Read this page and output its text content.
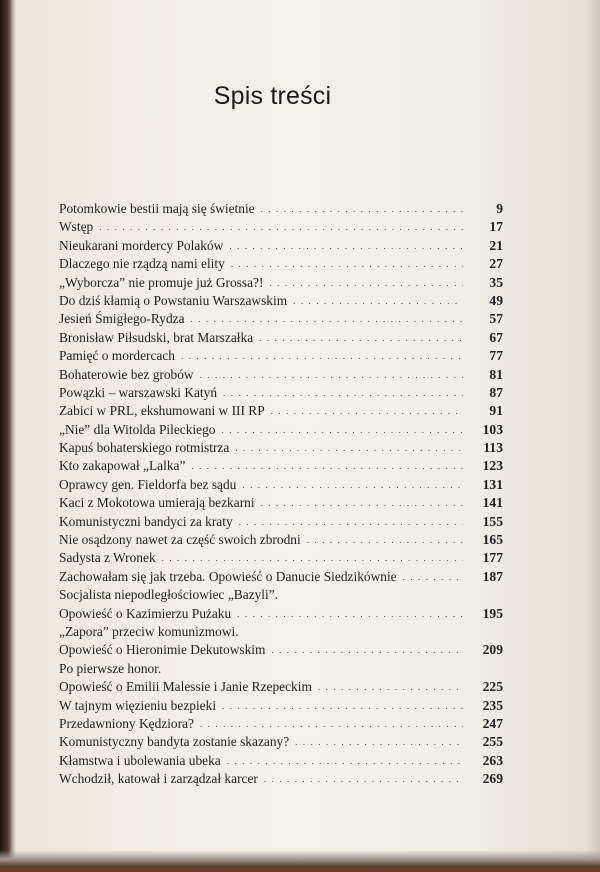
Spis treści
Potomkowie bestii mają się świetnie . . .	9
Wstęp . . .	17
Nieukarani mordercy Polaków . . .	21
Dlaczego nie rządzą nami elity . . .	27
„Wyborcza” nie promuje już Grossa?! . . .	35
Do dziś kłamią o Powstaniu Warszawskim . . .	49
Jesień Śmigłego-Rydza . . .	57
Bronisław Piłsudski, brat Marszałka . . .	67
Pamięć o mordercach . . .	77
Bohaterowie bez grobów . . .	81
Powązki – warszawski Katyń . . .	87
Zabici w PRL, ekshumowani w III RP . . .	91
„Nie” dla Witolda Pileckiego . . .	103
Kapuś bohaterskiego rotmistrza . . .	113
Kto zakapował „Lalka” . . .	123
Oprawcy gen. Fieldorfa bez sądu . . .	131
Kaci z Mokotowa umierają bezkarni . . .	141
Komunistyczni bandyci za kraty . . .	155
Nie osądzony nawet za część swoich zbrodni . . .	165
Sadysta z Wronek . . .	177
Zachowałam się jak trzeba. Opowieść o Danucie Siedzikównie . . .	187
Socjalista niepodległościowiec „Bazyli”.
Opowieść o Kazimierzu Pużaku . . .	195
„Zapora” przeciw komunizmowi.
Opowieść o Hieronimie Dekutowskim . . .	209
Po pierwsze honor.
Opowieść o Emilii Malessie i Janie Rzepeckim . . .	225
W tajnym więzieniu bezpieki . . .	235
Przedawniony Kędziora? . . .	247
Komunistyczny bandyta zostanie skazany? . . .	255
Kłamstwa i ubolewania ubeka . . .	263
Wchodził, katował i zarządzał karcer . . .	269
